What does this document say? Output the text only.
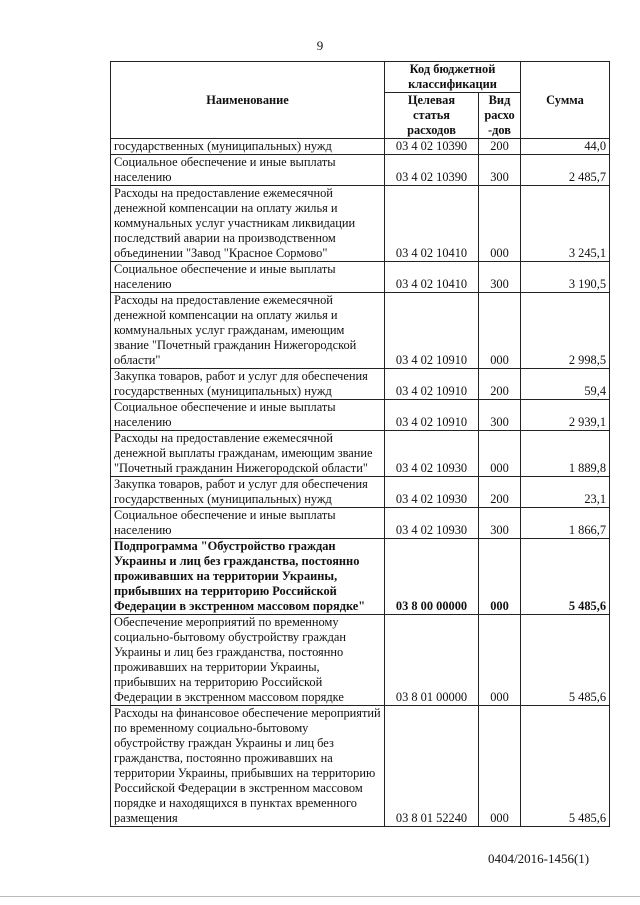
9
Наименование	Код бюджетной классификации		Сумма
	Целевая статья расходов	Вид расхо -дов	
государственных (муниципальных) нужд	03 4 02 10390	200	44,0
Социальное обеспечение и иные выплаты населению	03 4 02 10390	300	2 485,7
Расходы на предоставление ежемесячной денежной компенсации на оплату жилья и коммунальных услуг участникам ликвидации последствий аварии на производственном объединении "Завод "Красное Сормово"	03 4 02 10410	000	3 245,1
Социальное обеспечение и иные выплаты населению	03 4 02 10410	300	3 190,5
Расходы на предоставление ежемесячной денежной компенсации на оплату жилья и коммунальных услуг гражданам, имеющим звание "Почетный гражданин Нижегородской области"	03 4 02 10910	000	2 998,5
Закупка товаров, работ и услуг для обеспечения государственных (муниципальных) нужд	03 4 02 10910	200	59,4
Социальное обеспечение и иные выплаты населению	03 4 02 10910	300	2 939,1
Расходы на предоставление ежемесячной денежной выплаты гражданам, имеющим звание "Почетный гражданин Нижегородской области"	03 4 02 10930	000	1 889,8
Закупка товаров, работ и услуг для обеспечения государственных (муниципальных) нужд	03 4 02 10930	200	23,1
Социальное обеспечение и иные выплаты населению	03 4 02 10930	300	1 866,7
Подпрограмма "Обустройство граждан Украины и лиц без гражданства, постоянно проживавших на территории Украины, прибывших на территорию Российской Федерации в экстренном массовом порядке"	03 8 00 00000	000	5 485,6
Обеспечение мероприятий по временному социально-бытовому обустройству граждан Украины и лиц без гражданства, постоянно проживавших на территории Украины, прибывших на территорию Российской Федерации в экстренном массовом порядке	03 8 01 00000	000	5 485,6
Расходы на финансовое обеспечение мероприятий по временному социально-бытовому обустройству граждан Украины и лиц без гражданства, постоянно проживавших на территории Украины, прибывших на территорию Российской Федерации в экстренном массовом порядке и находящихся в пунктах временного размещения	03 8 01 52240	000	5 485,6
0404/2016-1456(1)
